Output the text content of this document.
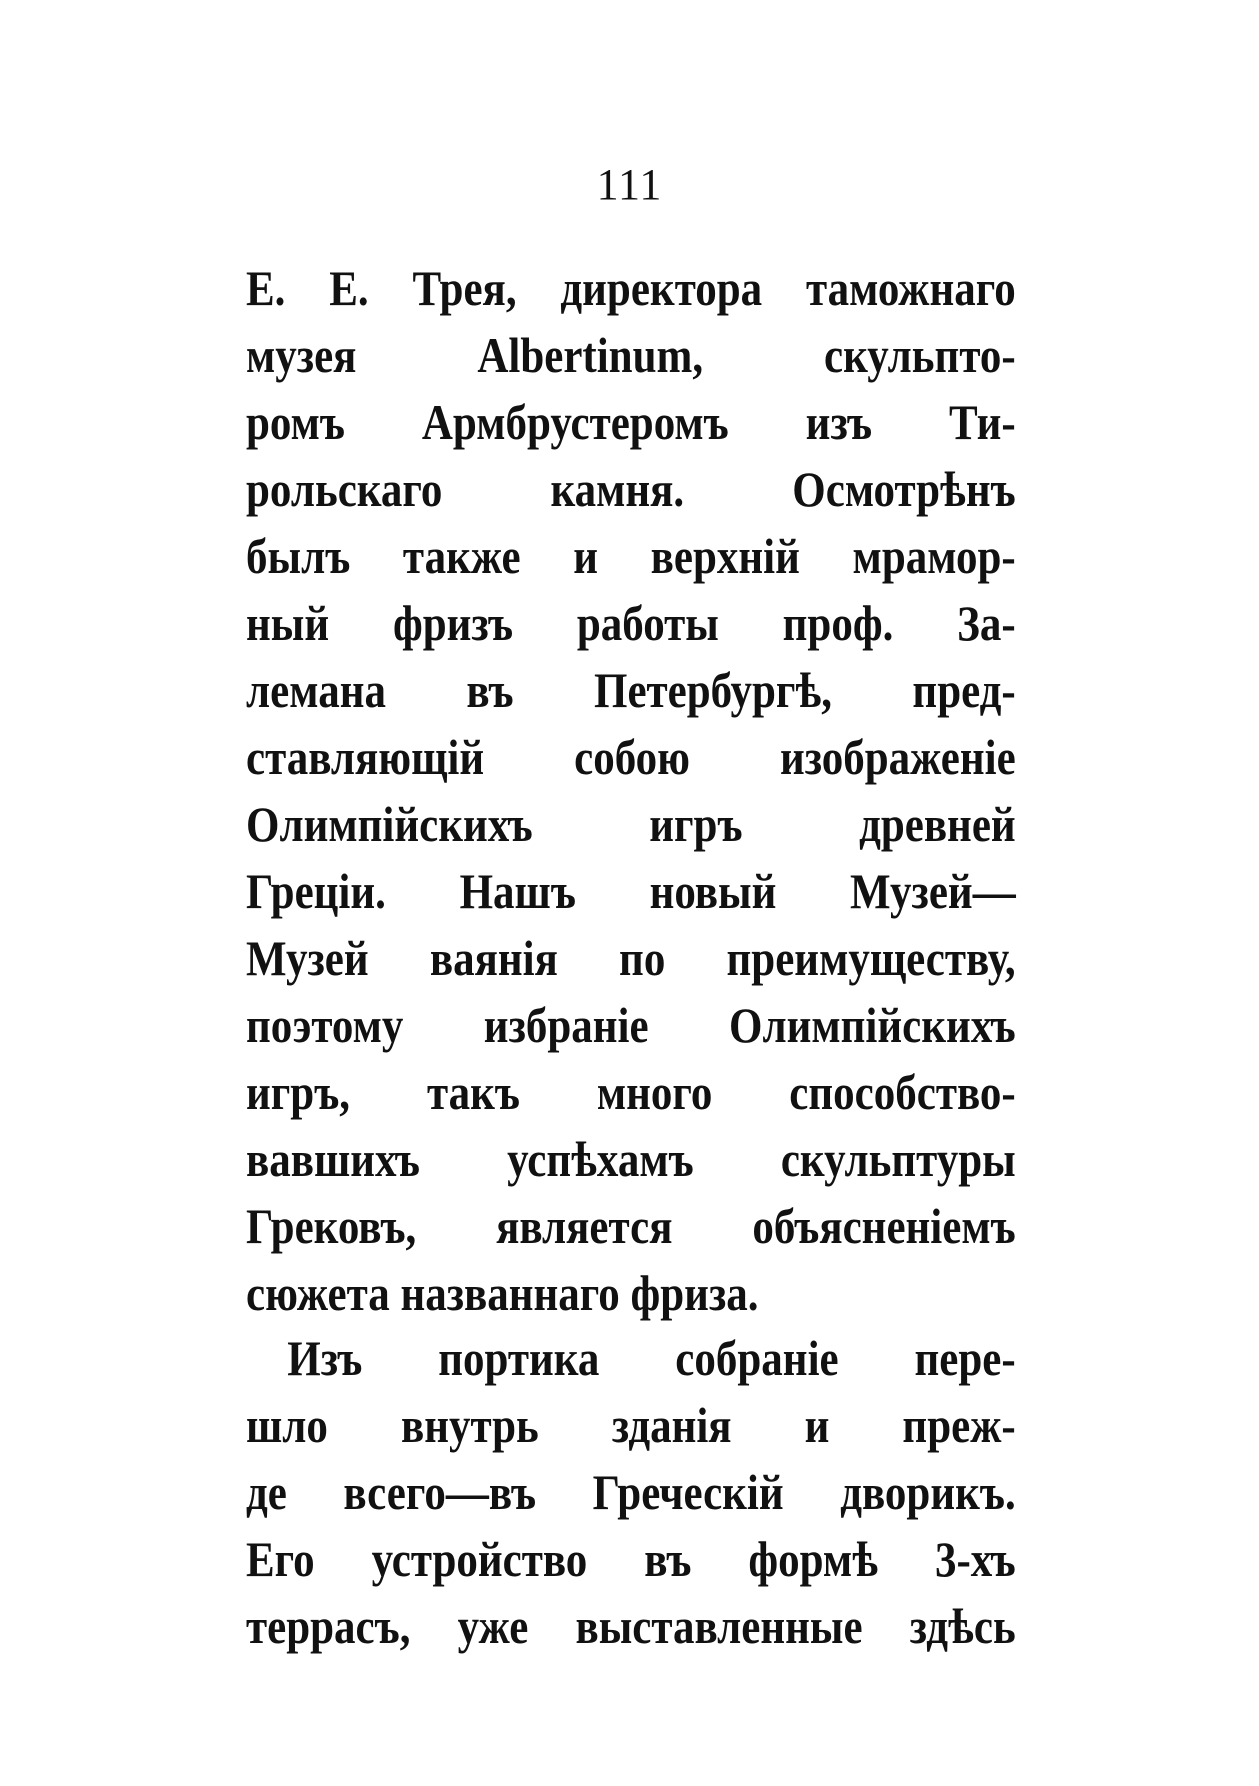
111
Е. Е. Трея, директора таможнаго
музея Albertinum, скульпто-
ромъ Армбрустеромъ изъ Ти-
рольскаго камня. Осмотрѣнъ
былъ также и верхній мрамор-
ный фризъ работы проф. За-
лемана въ Петербургѣ, пред-
ставляющій собою изображеніе
Олимпійскихъ игръ древней
Греціи. Нашъ новый Музей—
Музей ваянія по преимуществу,
поэтому избраніе Олимпійскихъ
игръ, такъ много способство-
вавшихъ успѣхамъ скульптуры
Грековъ, является объясненіемъ
сюжета названнаго фриза.
Изъ портика собраніе пере-
шло внутрь зданія и преж-
де всего—въ Греческій дворикъ.
Его устройство въ формѣ 3-хъ
террасъ, уже выставленные здѣсь
